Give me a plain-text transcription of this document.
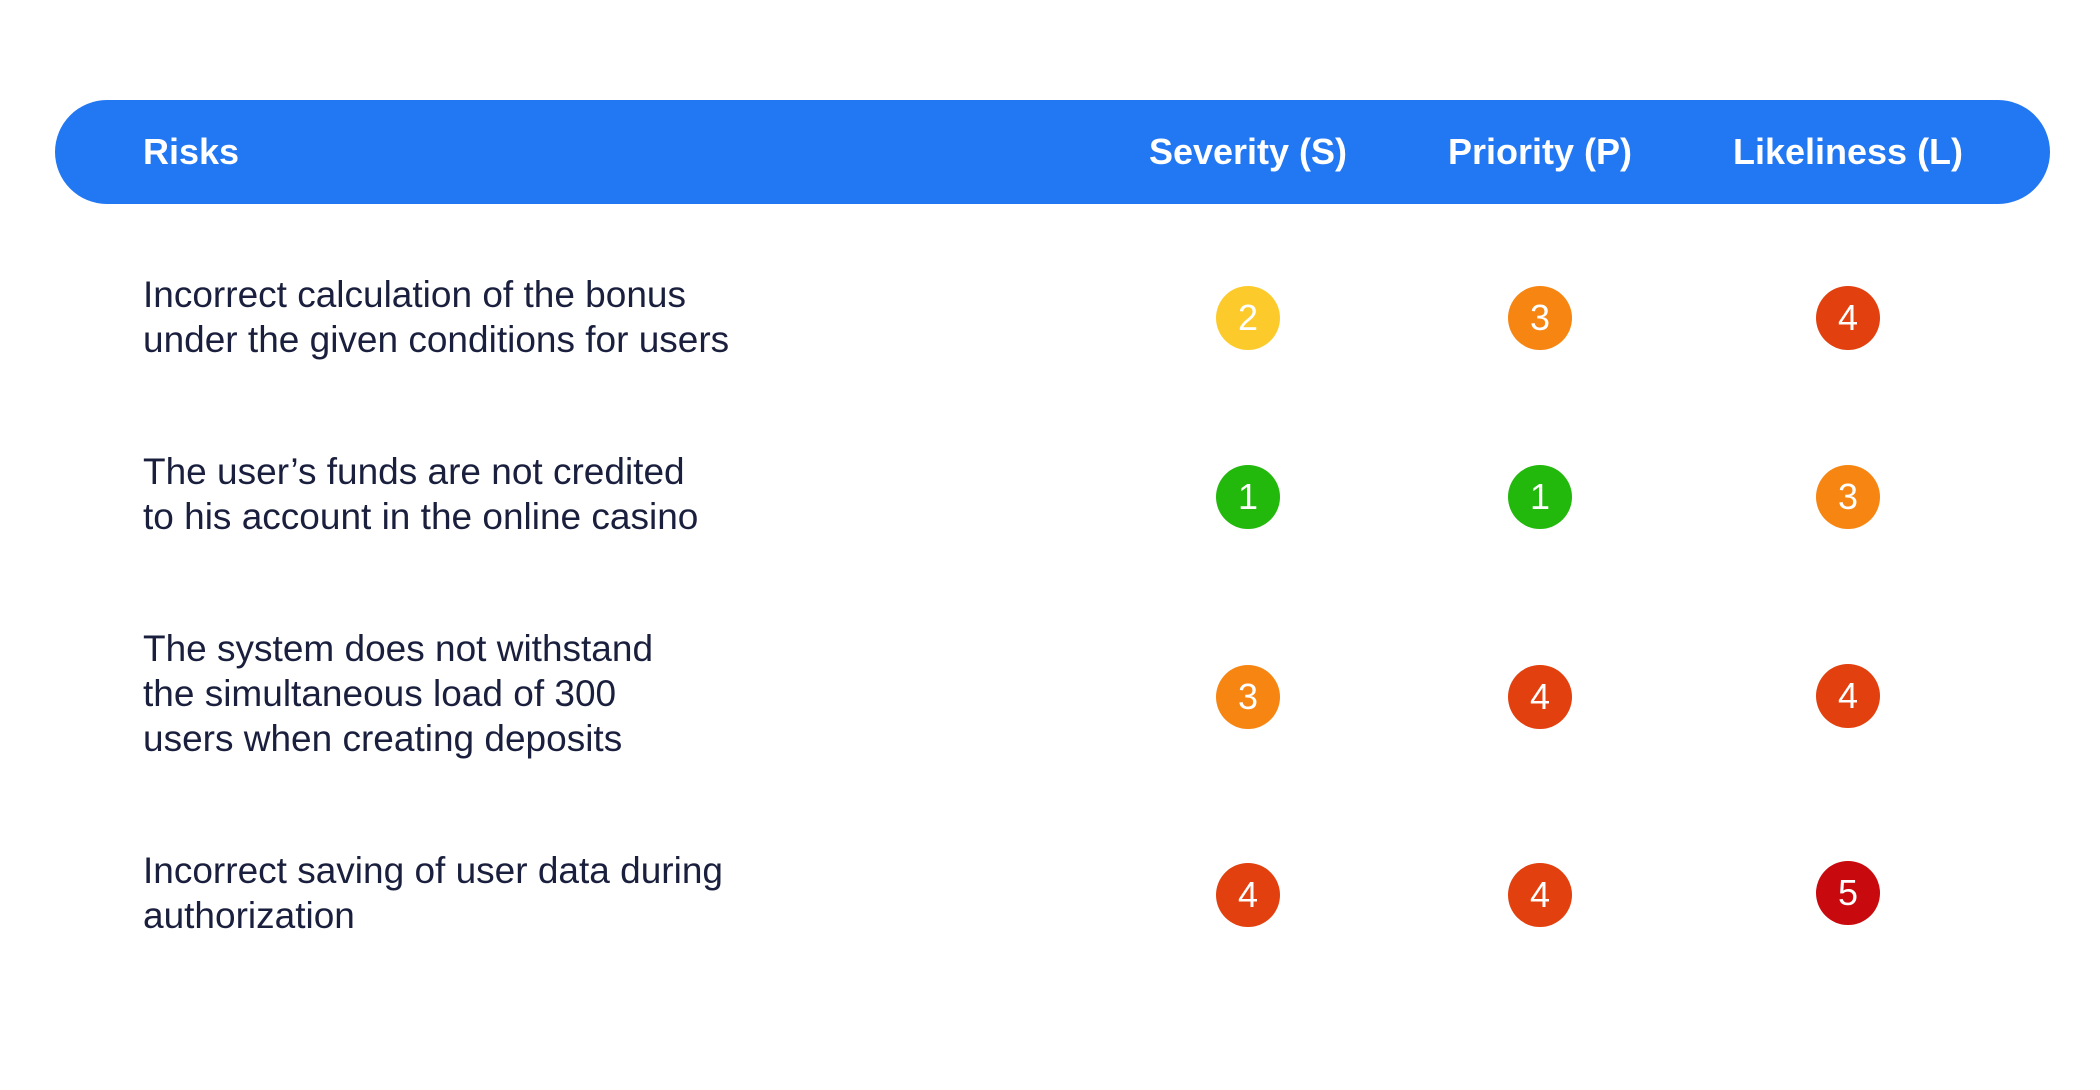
Risks	Severity (S)	Priority (P)	Likeliness (L)
Incorrect calculation of the bonus
under the given conditions for users
2	3	4
The user’s funds are not credited
to his account in the online casino	1	1	3
The system does not withstand
the simultaneous load of 300
users when creating deposits
3	4	4
Incorrect saving of user data during
authorization
4	4	5
